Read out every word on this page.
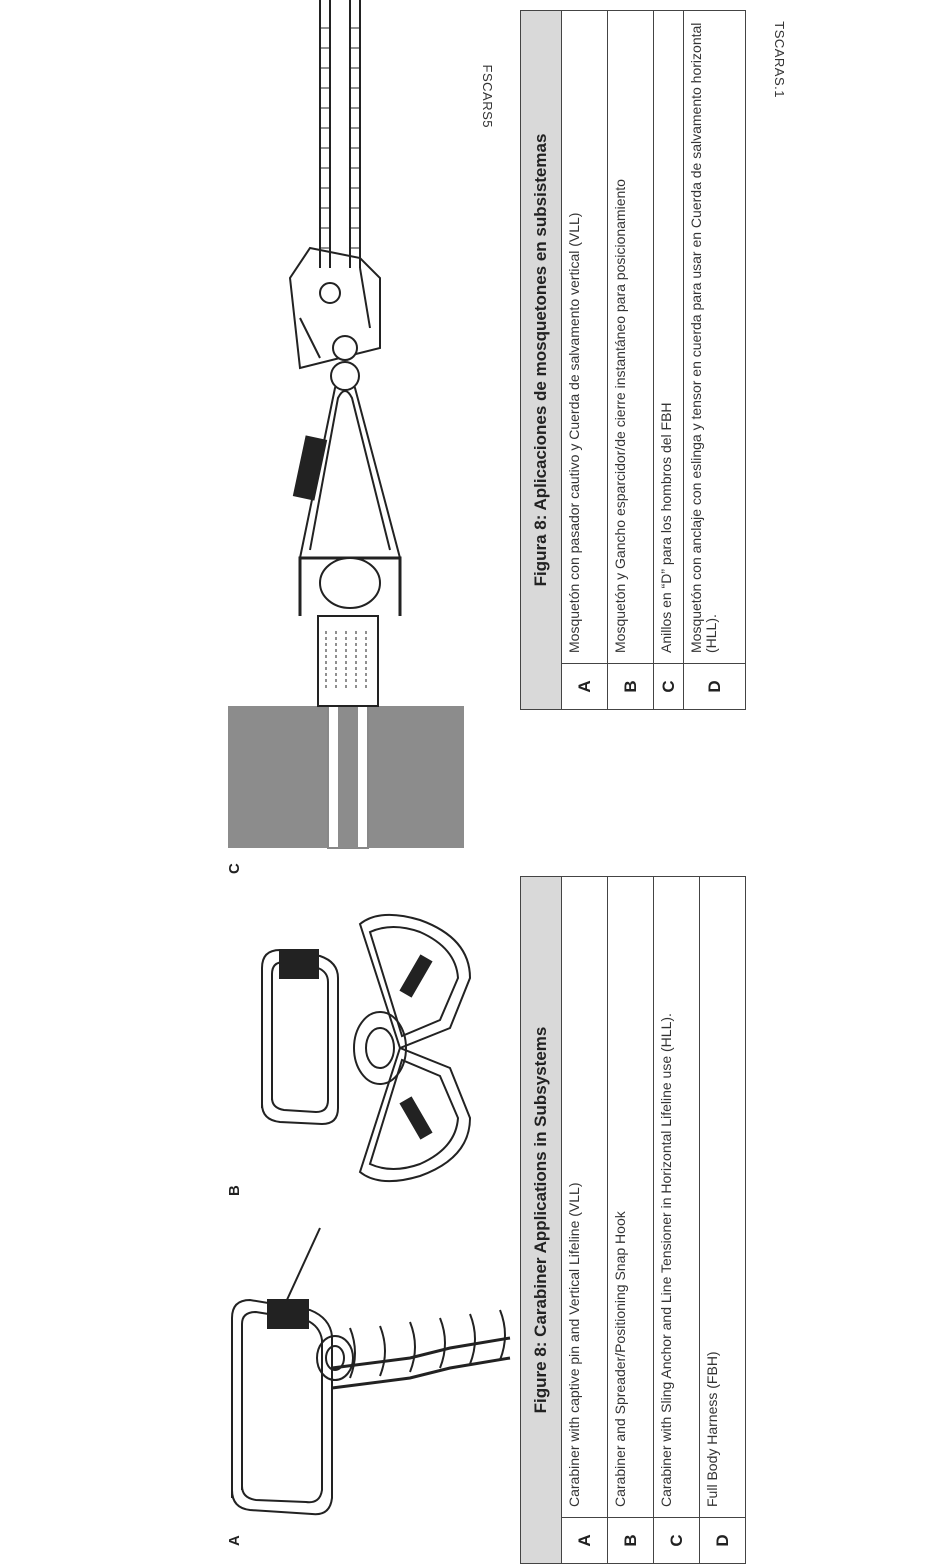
A
B
C
FSCARS5	TSCARAS.1
Figure 8: Carabiner Applications in Subsystems	
A	Carabiner with captive pin and Vertical Lifeline (VLL)
B	Carabiner and Spreader/Positioning Snap Hook
C	Carabiner with Sling Anchor and Line Tensioner in Horizontal Lifeline use (HLL).
D	Full Body Harness (FBH)
Figura 8: Aplicaciones de mosquetones en subsistemas	
A	Mosquetón con pasador cautivo y Cuerda de salvamento vertical (VLL)
B	Mosquetón y Gancho esparcidor/de cierre instantáneo para posicionamiento
C	Anillos en “D” para los hombros del FBH
D	Mosquetón con anclaje con eslinga y tensor en cuerda para usar en Cuerda de salvamento horizontal (HLL).
